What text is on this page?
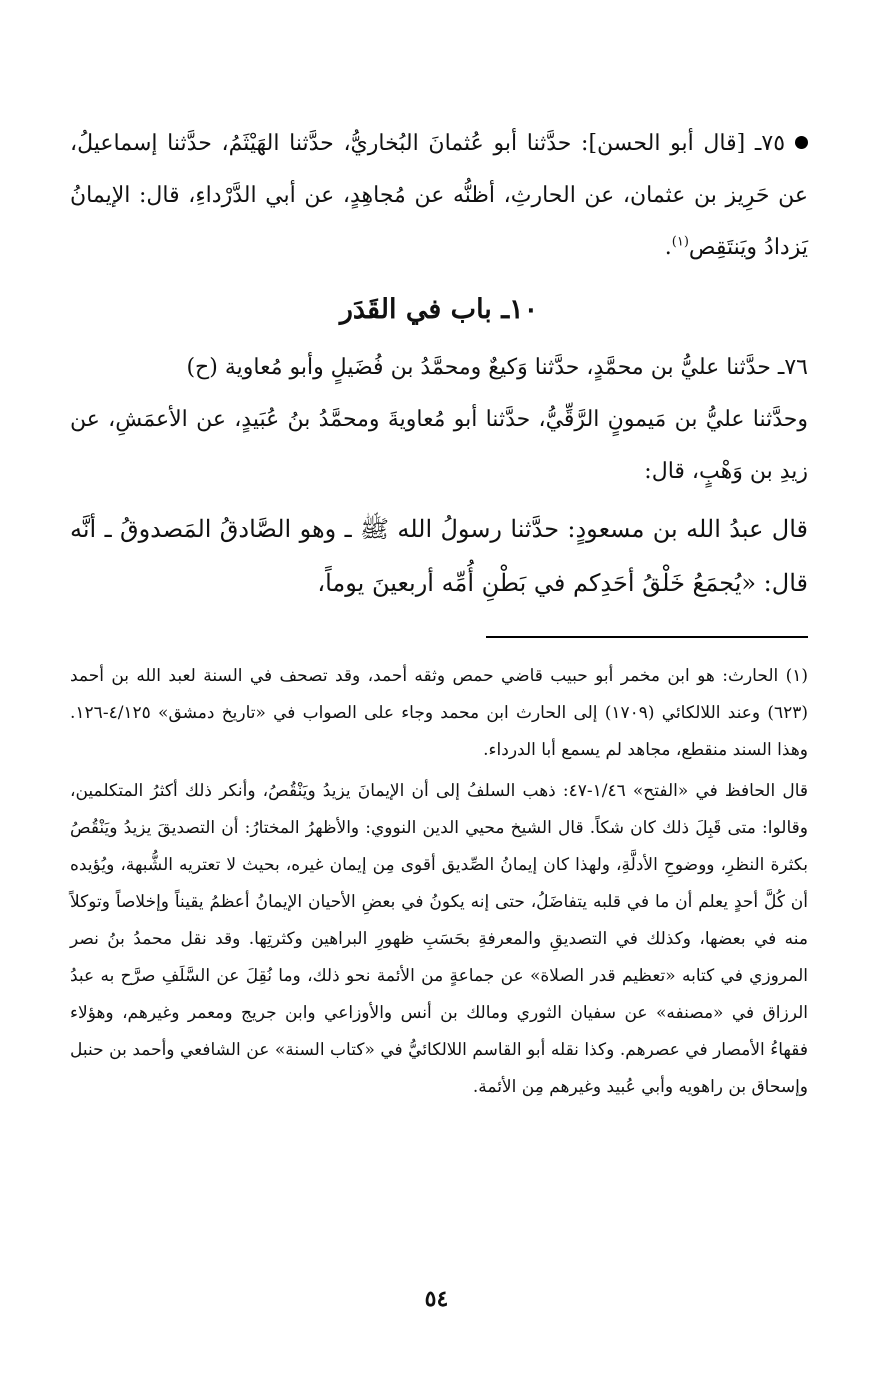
٧٥ـ [قال أبو الحسن]: حدَّثنا أبو عُثمانَ البُخاريُّ، حدَّثنا الهَيْثَمُ، حدَّثنا إسماعيلُ، عن حَرِيز بن عثمان، عن الحارثِ، أظنُّه عن مُجاهِدٍ، عن أبي الدَّرْداءِ، قال: الإيمانُ يَزدادُ ويَنتَقِص$^{(١)}$.

١٠ـ باب في القَدَر

٧٦ـ حدَّثنا عليُّ بن محمَّدٍ، حدَّثنا وَكيعٌ ومحمَّدُ بن فُضَيلٍ وأبو مُعاوية (ح)
وحدَّثنا عليُّ بن مَيمونٍ الرَّقِّيُّ، حدَّثنا أبو مُعاويةَ ومحمَّدُ بنُ عُبَيدٍ، عن الأعمَشِ، عن زيدِ بن وَهْبٍ، قال:

قال عبدُ الله بن مسعودٍ: حدَّثنا رسولُ الله ﷺ ـ وهو الصَّادقُ المَصدوقُ ـ أنَّه قال: «يُجمَعُ خَلْقُ أحَدِكم في بَطْنِ أُمِّه أربعينَ يوماً،

(١) الحارث: هو ابن مخمر أبو حبيب قاضي حمص وثقه أحمد، وقد تصحف في السنة لعبد الله بن أحمد (٦٢٣) وعند اللالكائي (١٧٠٩) إلى الحارث ابن محمد وجاء على الصواب في «تاريخ دمشق» ٤/١٢٥-١٢٦. وهذا السند منقطع، مجاهد لم يسمع أبا الدرداء.

قال الحافظ في «الفتح» ١/٤٦-٤٧: ذهب السلفُ إلى أن الإيمانَ يزيدُ ويَنْقُصُ، وأنكر ذلك أكثرُ المتكلمين، وقالوا: متى قَبِلَ ذلك كان شكاً. قال الشيخ محيي الدين النووي: والأظهرُ المختارُ: أن التصديقَ يزيدُ ويَنْقُصُ بكثرة النظرِ، ووضوحِ الأدلَّةِ، ولهذا كان إيمانُ الصِّديق أقوى مِن إيمان غيره، بحيث لا تعتريه الشُّبهة، ويُؤيده أن كُلَّ أحدٍ يعلم أن ما في قلبه يتفاضَلُ، حتى إنه يكونُ في بعضِ الأحيان الإيمانُ أعظمُ يقيناً وإخلاصاً وتوكلاً منه في بعضها، وكذلك في التصديقِ والمعرفةِ بحَسَبِ ظهورِ البراهين وكثرتِها. وقد نقل محمدُ بنُ نصر المروزي في كتابه «تعظيم قدر الصلاة» عن جماعةٍ من الأئمة نحو ذلك، وما نُقِلَ عن السَّلَفِ صرَّح به عبدُ الرزاق في «مصنفه» عن سفيان الثوري ومالك بن أنس والأوزاعي وابن جريج ومعمر وغيرهم، وهؤلاء فقهاءُ الأمصار في عصرهم. وكذا نقله أبو القاسم اللالكائيُّ في «كتاب السنة» عن الشافعي وأحمد بن حنبل وإسحاق بن راهويه وأبي عُبيد وغيرهم مِن الأئمة.

٥٤
